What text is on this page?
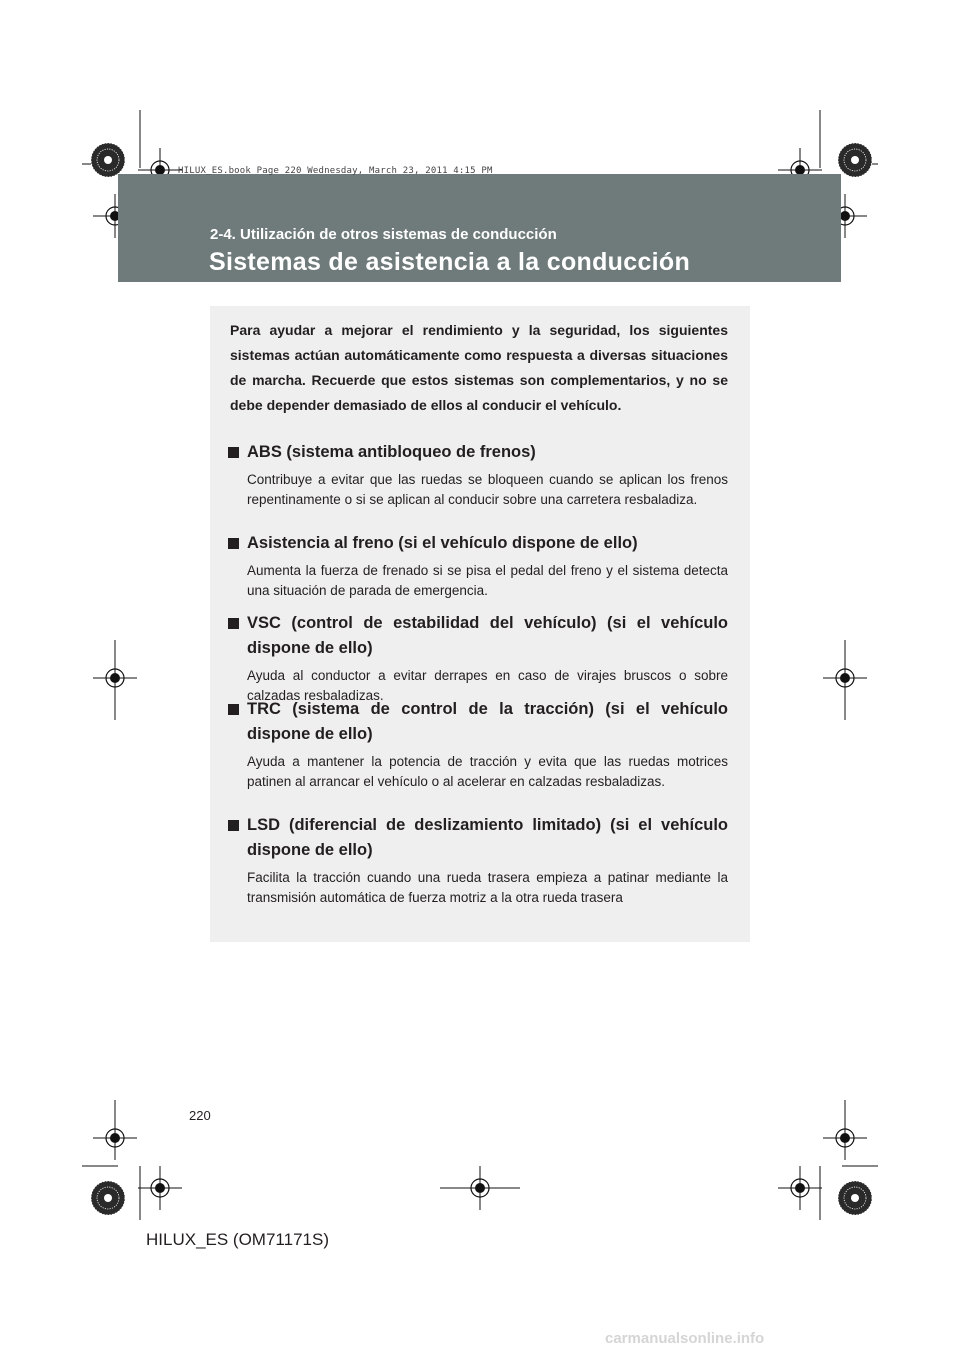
HILUX_ES.book Page 220 Wednesday, March 23, 2011 4:15 PM
2-4. Utilización de otros sistemas de conducción
Sistemas de asistencia a la conducción

Para ayudar a mejorar el rendimiento y la seguridad, los siguientes sistemas actúan automáticamente como respuesta a diversas situaciones de marcha. Recuerde que estos sistemas son complementarios, y no se debe depender demasiado de ellos al conducir el vehículo.

ABS (sistema antibloqueo de frenos)
Contribuye a evitar que las ruedas se bloqueen cuando se aplican los frenos repentinamente o si se aplican al conducir sobre una carretera resbaladiza.
Asistencia al freno (si el vehículo dispone de ello)
Aumenta la fuerza de frenado si se pisa el pedal del freno y el sistema detecta una situación de parada de emergencia.
VSC (control de estabilidad del vehículo) (si el vehículo dispone de ello)
Ayuda al conductor a evitar derrapes en caso de virajes bruscos o sobre calzadas resbaladizas.
TRC (sistema de control de la tracción) (si el vehículo dispone de ello)
Ayuda a mantener la potencia de tracción y evita que las ruedas motrices patinen al arrancar el vehículo o al acelerar en calzadas resbaladizas.
LSD (diferencial de deslizamiento limitado) (si el vehículo dispone de ello)
Facilita la tracción cuando una rueda trasera empieza a patinar mediante la transmisión automática de fuerza motriz a la otra rueda trasera
220
HILUX_ES (OM71171S)
carmanualsonline.info
